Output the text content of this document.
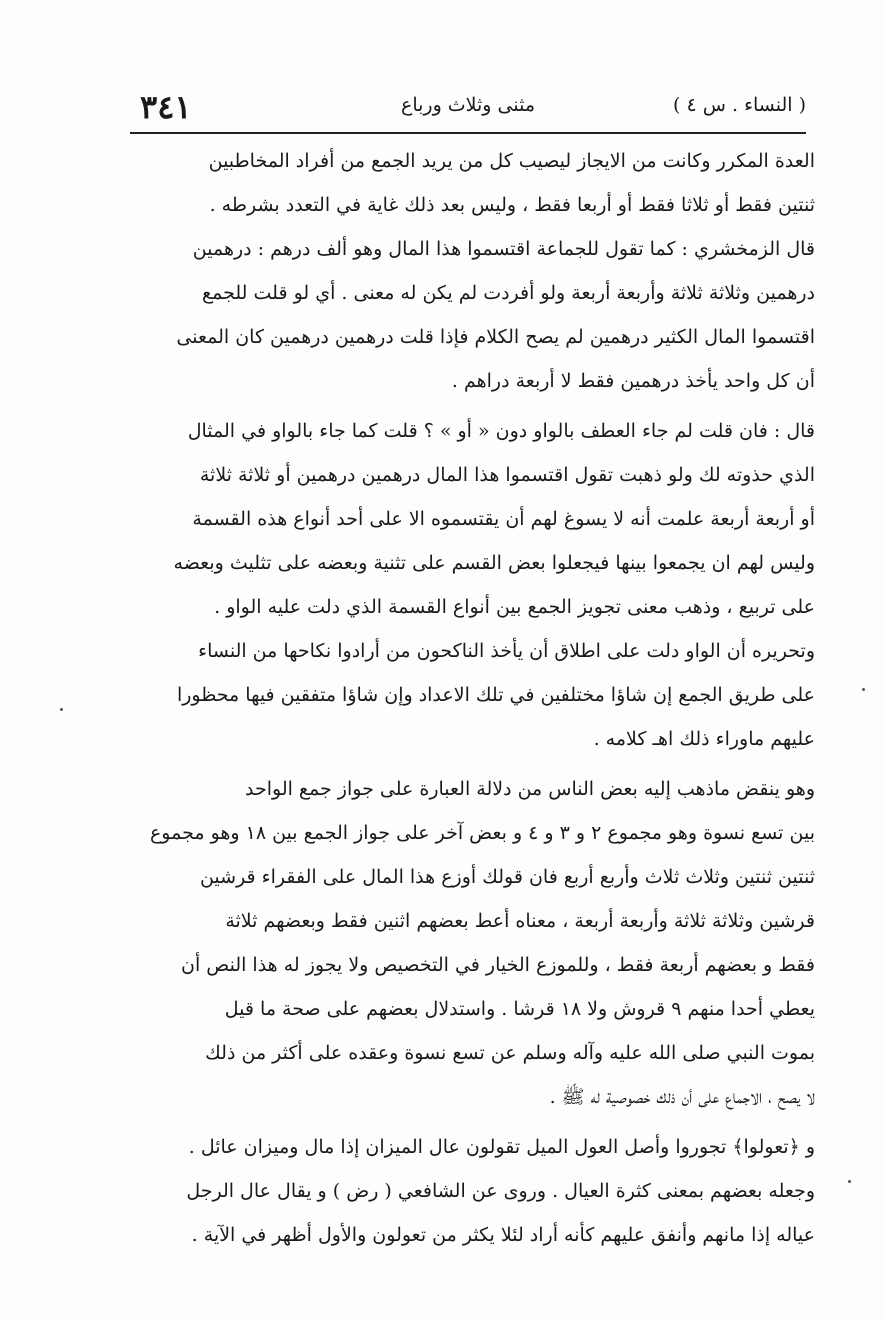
( النساء . س ٤ )
مثنى وثلاث ورباع
٣٤١
العدة المكرر وكانت من الايجاز ليصيب كل من يريد الجمع من أفراد المخاطبين
ثنتين فقط أو ثلاثا فقط أو أربعا فقط ، وليس بعد ذلك غاية في التعدد بشرطه .
قال الزمخشري : كما تقول للجماعة اقتسموا هذا المال وهو ألف درهم : درهمين
درهمين وثلاثة ثلاثة وأربعة أربعة ولو أفردت لم يكن له معنى . أي لو قلت للجمع
اقتسموا المال الكثير درهمين لم يصح الكلام فإذا قلت درهمين درهمين كان المعنى
أن كل واحد يأخذ درهمين فقط لا أربعة دراهم .
قال : فان قلت لم جاء العطف بالواو دون « أو » ؟ قلت كما جاء بالواو في المثال
الذي حذوته لك ولو ذهبت تقول اقتسموا هذا المال درهمين درهمين أو ثلاثة ثلاثة
أو أربعة أربعة علمت أنه لا يسوغ لهم أن يقتسموه الا على أحد أنواع هذه القسمة
وليس لهم ان يجمعوا بينها فيجعلوا بعض القسم على تثنية وبعضه على تثليث وبعضه
على تربيع ، وذهب معنى تجويز الجمع بين أنواع القسمة الذي دلت عليه الواو .
وتحريره أن الواو دلت على اطلاق أن يأخذ الناكحون من أرادوا نكاحها من النساء
على طريق الجمع إن شاؤا مختلفين في تلك الاعداد وإن شاؤا متفقين فيها محظورا
عليهم ماوراء ذلك اهـ كلامه .
وهو ينقض ماذهب إليه بعض الناس من دلالة العبارة على جواز جمع الواحد
بين تسع نسوة وهو مجموع ٢ و ٣ و ٤ و بعض آخر على جواز الجمع بين ١٨ وهو مجموع
ثنتين ثنتين وثلاث ثلاث وأربع أربع فان قولك أوزع هذا المال على الفقراء قرشين
قرشين وثلاثة ثلاثة وأربعة أربعة ، معناه أعط بعضهم اثنين فقط وبعضهم ثلاثة
فقط و بعضهم أربعة فقط ، وللموزع الخيار في التخصيص ولا يجوز له هذا النص أن
يعطي أحدا منهم ٩ قروش ولا ١٨ قرشا . واستدلال بعضهم على صحة ما قيل
بموت النبي صلى الله عليه وآله وسلم عن تسع نسوة وعقده على أكثر من ذلك
لا يصح ، الاجماع على أن ذلك خصوصية له ﷺ .
و ﴿تعولوا﴾ تجوروا وأصل العول الميل تقولون عال الميزان إذا مال وميزان عائل .
وجعله بعضهم بمعنى كثرة العيال . وروى عن الشافعي ( رض ) و يقال عال الرجل
عياله إذا مانهم وأنفق عليهم كأنه أراد لئلا يكثر من تعولون والأول أظهر في الآية .
